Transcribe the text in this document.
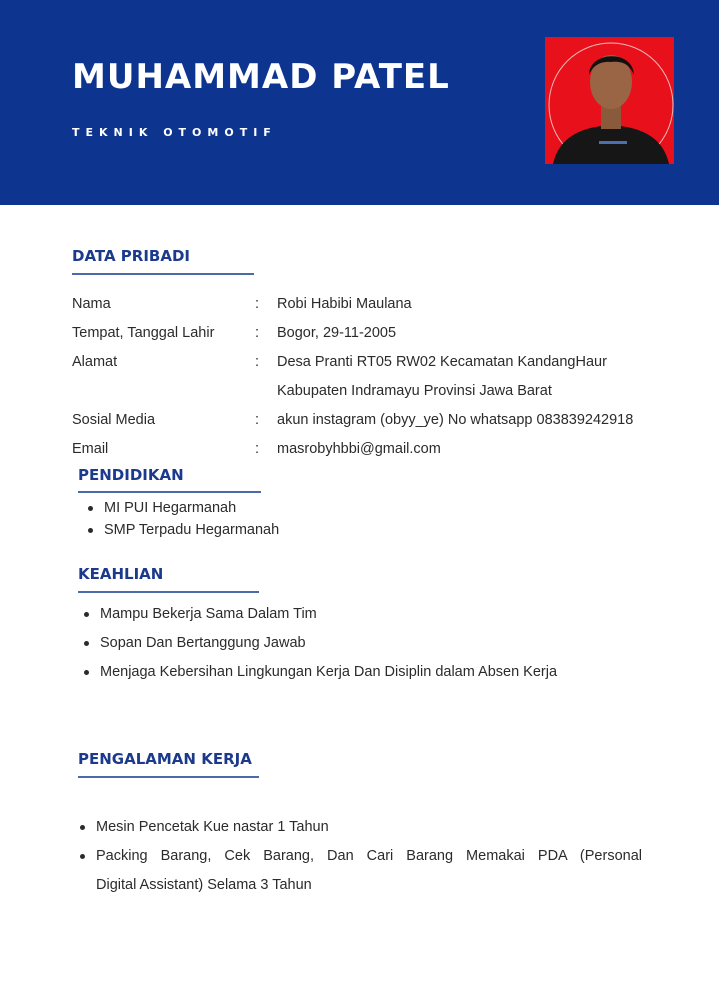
MUHAMMAD PATEL
TEKNIK OTOMOTIF
DATA PRIBADI
Nama	: Robi Habibi Maulana
Tempat, Tanggal Lahir	: Bogor, 29-11-2005
Alamat	: Desa Pranti RT05 RW02 Kecamatan KandangHaur
Kabupaten Indramayu Provinsi Jawa Barat
Sosial Media	: akun instagram (obyy_ye) No whatsapp 083839242918
Email	: masrobyhbbi@gmail.com
PENDIDIKAN
MI PUI Hegarmanah
SMP Terpadu Hegarmanah
KEAHLIAN
Mampu Bekerja Sama Dalam Tim
Sopan Dan Bertanggung Jawab
Menjaga Kebersihan Lingkungan Kerja Dan Disiplin dalam Absen Kerja
PENGALAMAN KERJA
Mesin Pencetak Kue nastar 1 Tahun
Packing Barang, Cek Barang, Dan Cari Barang Memakai PDA (Personal
Digital Assistant) Selama 3 Tahun
